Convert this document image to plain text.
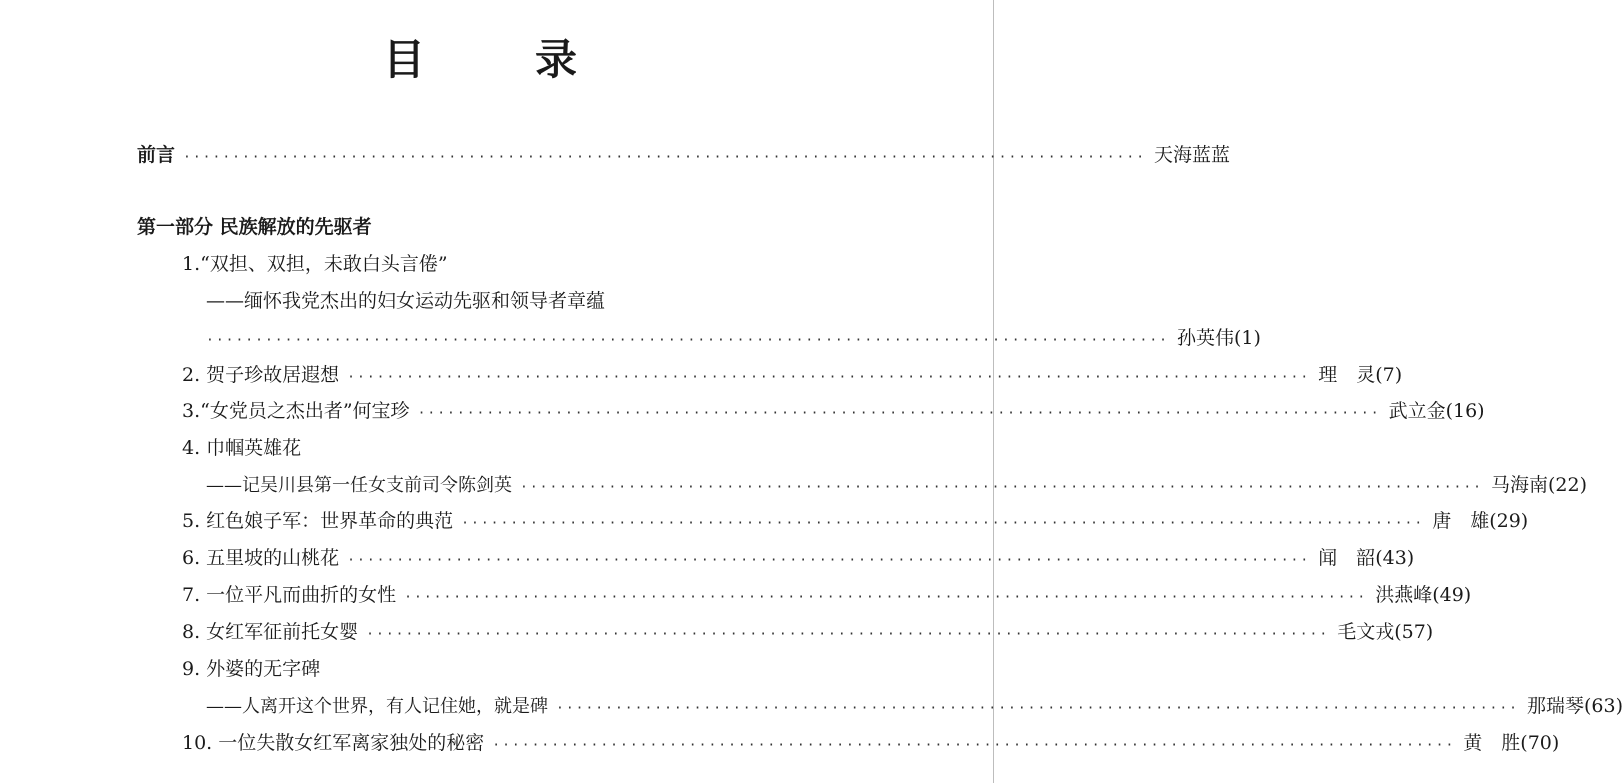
目　录
前言 ·································································································· 天海蓝蓝
第一部分 民族解放的先驱者
1.“双担、双担，未敢白头言倦”
——缅怀我党杰出的妇女运动先驱和领导者章蕴
·································································································· 孙英伟(1)
2. 贺子珍故居遐想 ·································································································· 理　灵(7)
3.“女党员之杰出者”何宝珍 ·································································································· 武立金(16)
4. 巾帼英雄花
——记吴川县第一任女支前司令陈剑英 ·································································································· 马海南(22)
5. 红色娘子军：世界革命的典范 ·································································································· 唐　雄(29)
6. 五里坡的山桃花 ·································································································· 闻　韶(43)
7. 一位平凡而曲折的女性 ·································································································· 洪燕峰(49)
8. 女红军征前托女婴 ·································································································· 毛文戎(57)
9. 外婆的无字碑
——人离开这个世界，有人记住她，就是碑 ·································································································· 那瑞琴(63)
10. 一位失散女红军离家独处的秘密 ·································································································· 黄　胜(70)
